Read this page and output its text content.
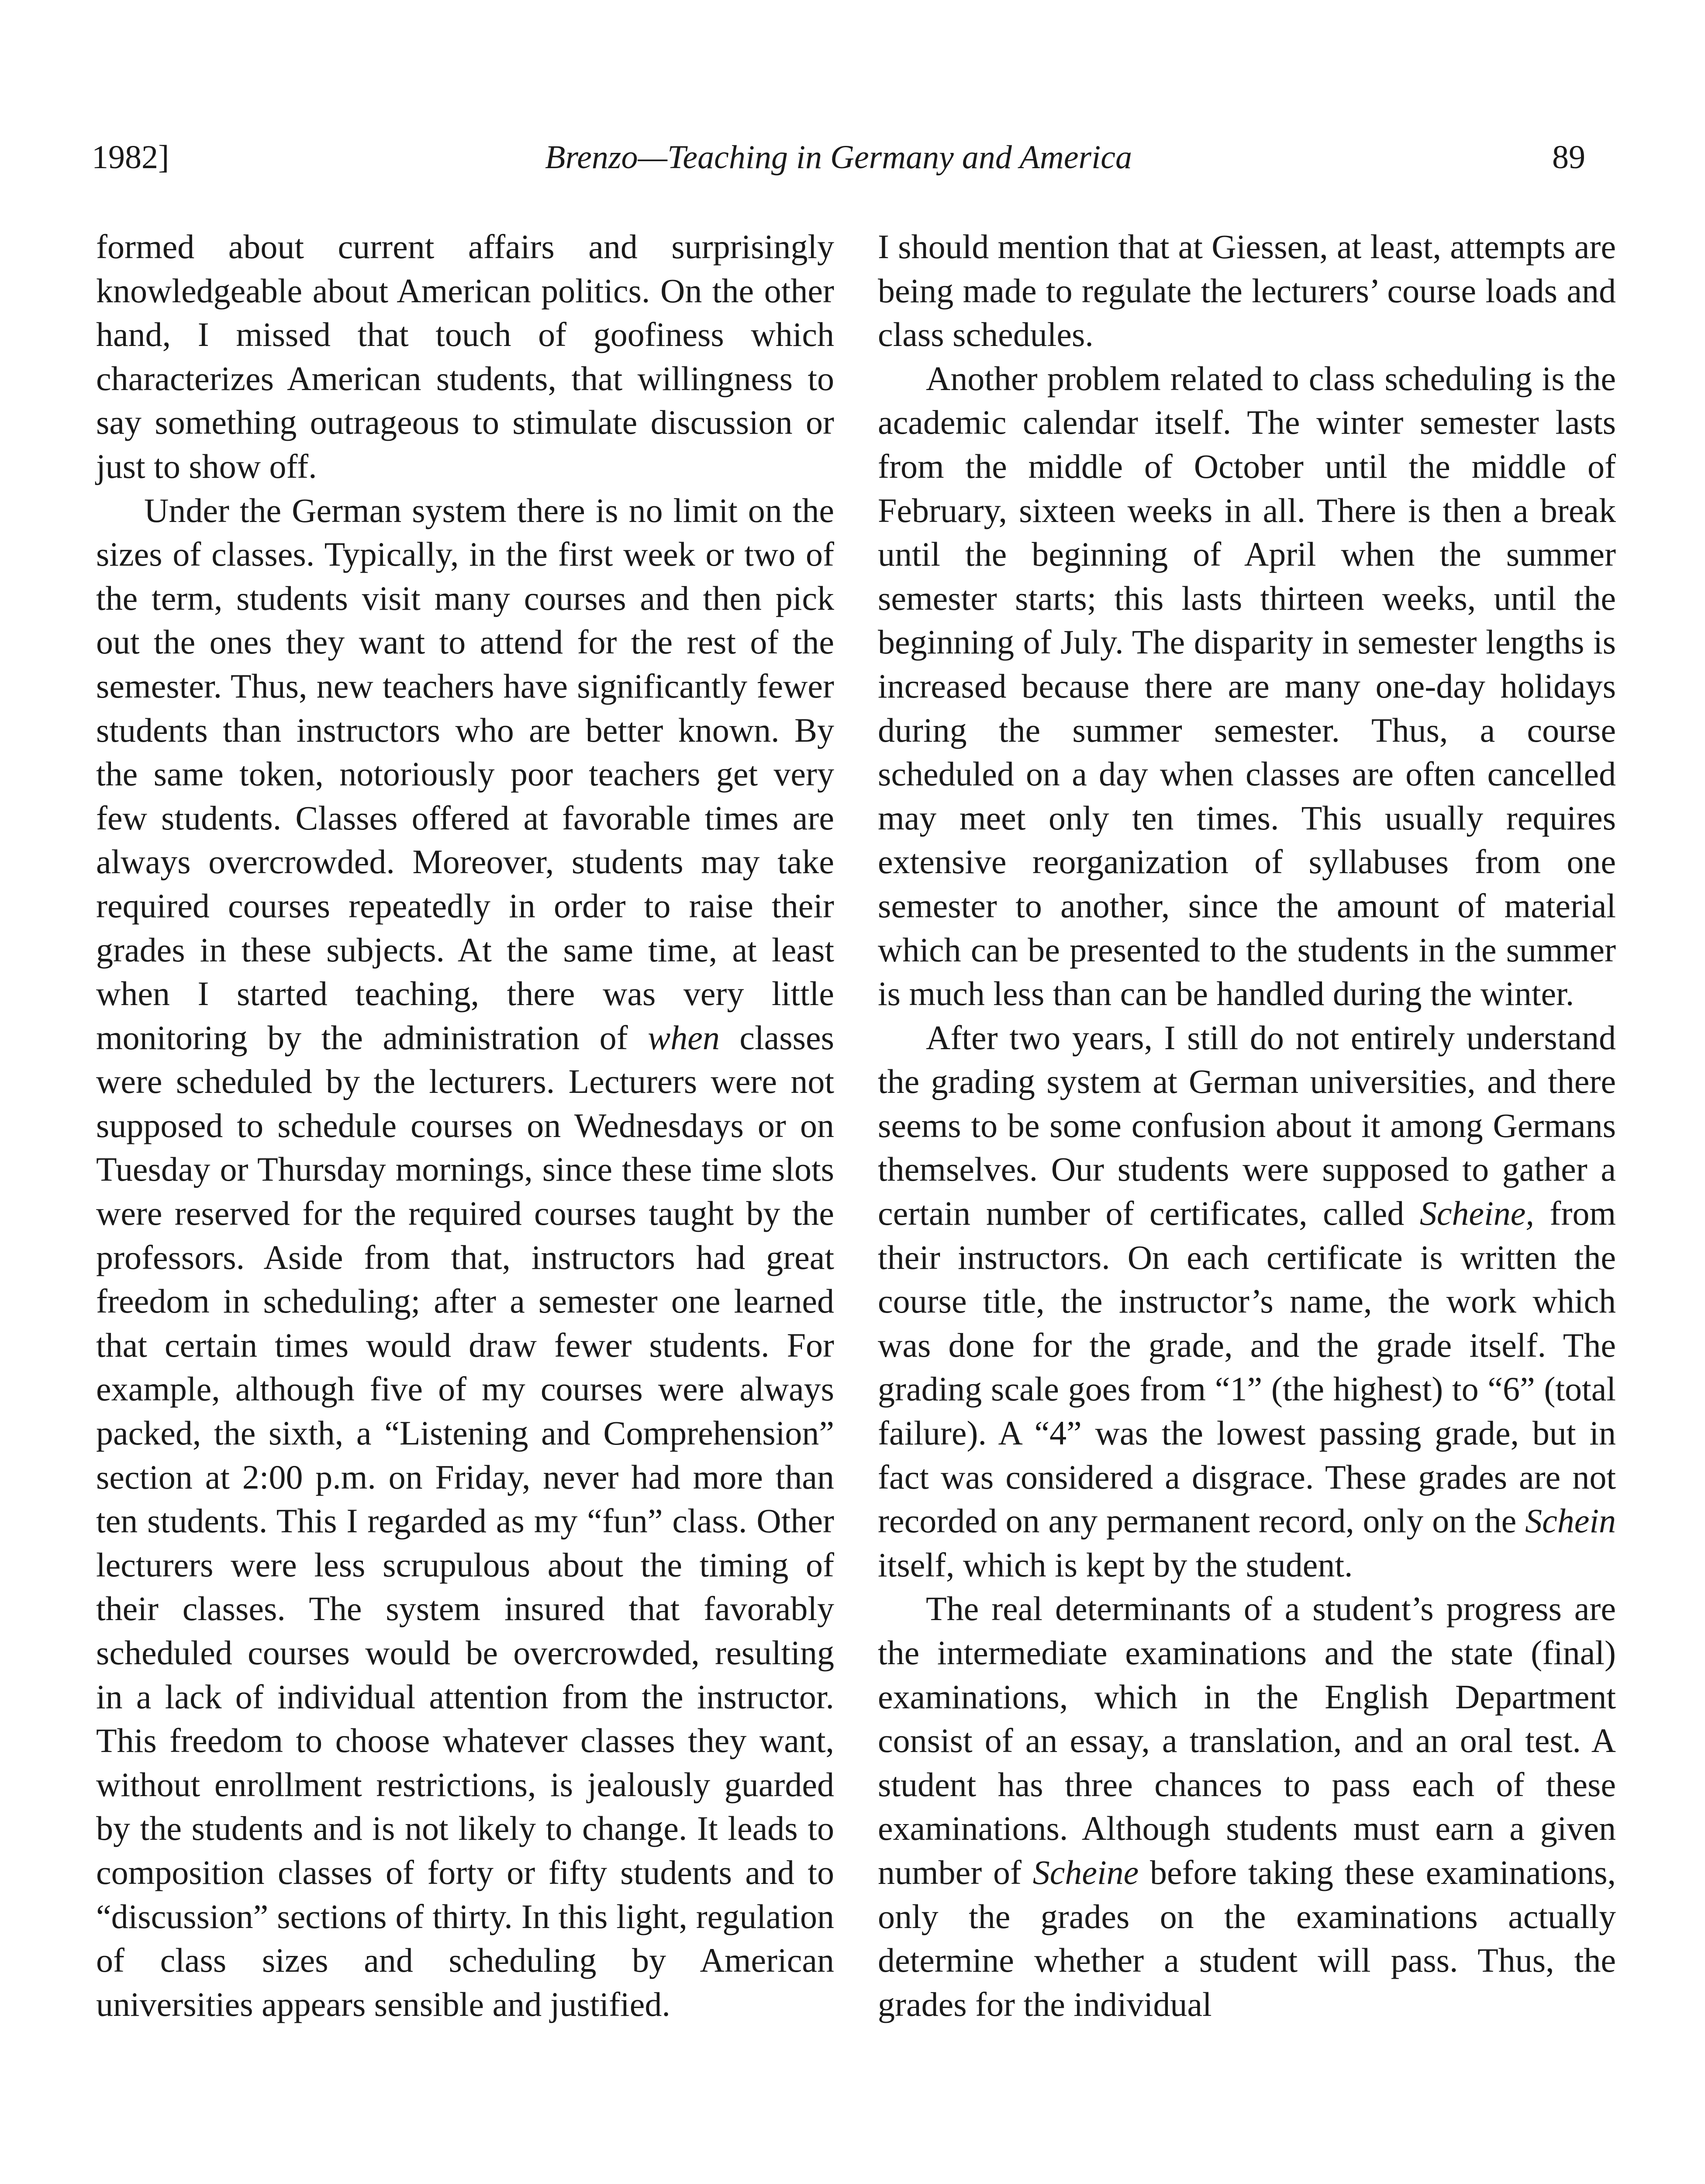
1982]	Brenzo—Teaching in Germany and America	89

formed about current affairs and surprisingly knowledgeable about American politics. On the other hand, I missed that touch of goofiness which characterizes American students, that willingness to say something outrageous to stimulate discussion or just to show off.

Under the German system there is no limit on the sizes of classes. Typically, in the first week or two of the term, students visit many courses and then pick out the ones they want to attend for the rest of the semester. Thus, new teachers have significantly fewer students than instructors who are better known. By the same token, notoriously poor teachers get very few students. Classes offered at favorable times are always overcrowded. Moreover, students may take required courses repeatedly in order to raise their grades in these subjects. At the same time, at least when I started teaching, there was very little monitoring by the administration of when classes were scheduled by the lecturers. Lecturers were not supposed to schedule courses on Wednesdays or on Tuesday or Thursday mornings, since these time slots were reserved for the required courses taught by the professors. Aside from that, instructors had great freedom in scheduling; after a semester one learned that certain times would draw fewer students. For example, although five of my courses were always packed, the sixth, a “Listening and Comprehension” section at 2:00 p.m. on Friday, never had more than ten students. This I regarded as my “fun” class. Other lecturers were less scrupulous about the timing of their classes. The system insured that favorably scheduled courses would be overcrowded, resulting in a lack of individual attention from the instructor. This freedom to choose whatever classes they want, without enrollment restrictions, is jealously guarded by the students and is not likely to change. It leads to composition classes of forty or fifty students and to “discussion” sections of thirty. In this light, regulation of class sizes and scheduling by American universities appears sensible and justified.

I should mention that at Giessen, at least, attempts are being made to regulate the lecturers’ course loads and class schedules.

Another problem related to class scheduling is the academic calendar itself. The winter semester lasts from the middle of October until the middle of February, sixteen weeks in all. There is then a break until the beginning of April when the summer semester starts; this lasts thirteen weeks, until the beginning of July. The disparity in semester lengths is increased because there are many one-day holidays during the summer semester. Thus, a course scheduled on a day when classes are often cancelled may meet only ten times. This usually requires extensive reorganization of syllabuses from one semester to another, since the amount of material which can be presented to the students in the summer is much less than can be handled during the winter.

After two years, I still do not entirely understand the grading system at German universities, and there seems to be some confusion about it among Germans themselves. Our students were supposed to gather a certain number of certificates, called Scheine, from their instructors. On each certificate is written the course title, the instructor’s name, the work which was done for the grade, and the grade itself. The grading scale goes from “1” (the highest) to “6” (total failure). A “4” was the lowest passing grade, but in fact was considered a disgrace. These grades are not recorded on any permanent record, only on the Schein itself, which is kept by the student.

The real determinants of a student’s progress are the intermediate examinations and the state (final) examinations, which in the English Department consist of an essay, a translation, and an oral test. A student has three chances to pass each of these examinations. Although students must earn a given number of Scheine before taking these examinations, only the grades on the examinations actually determine whether a student will pass. Thus, the grades for the individual
